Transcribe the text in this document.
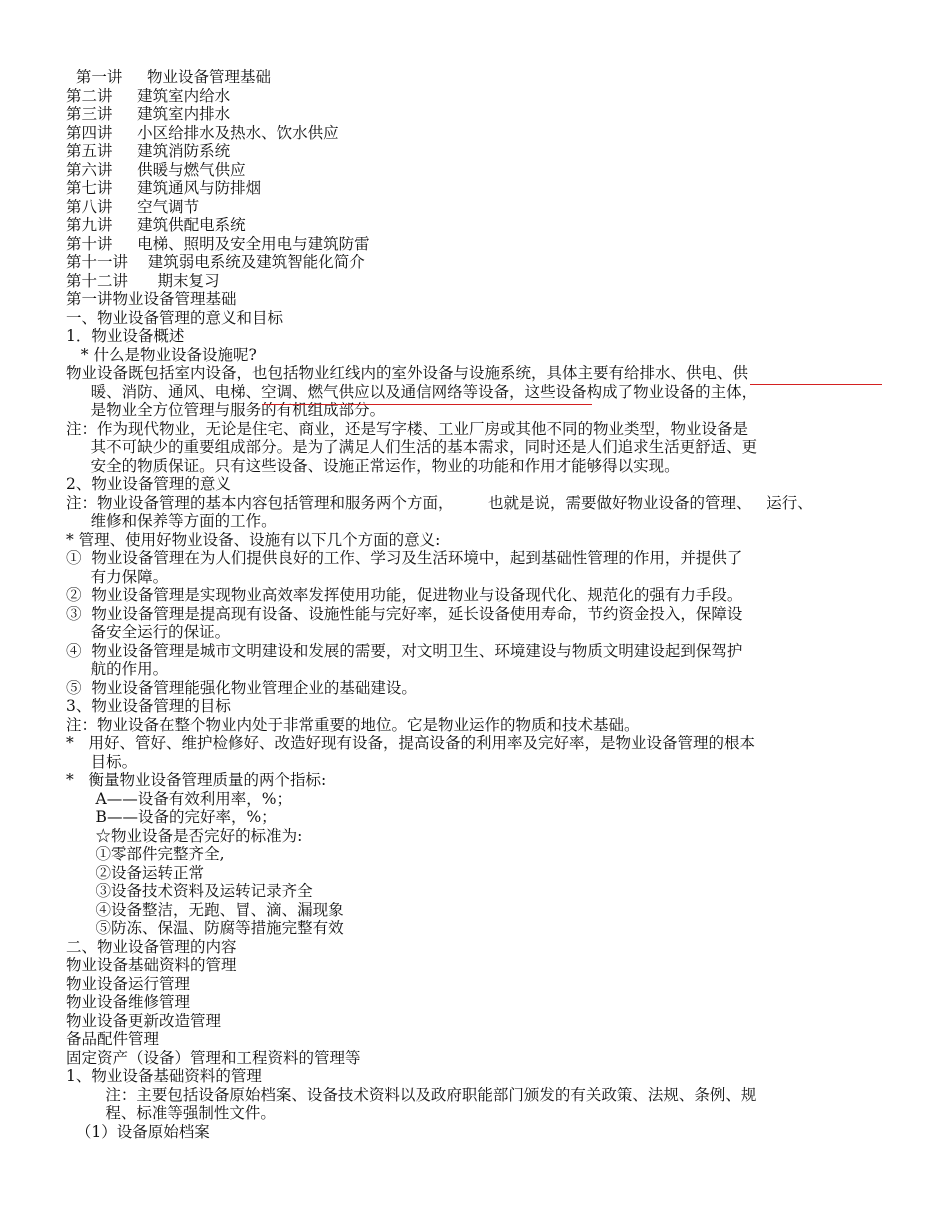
第一讲     物业设备管理基础
第二讲     建筑室内给水
第三讲     建筑室内排水
第四讲     小区给排水及热水、饮水供应
第五讲     建筑消防系统
第六讲     供暖与燃气供应
第七讲     建筑通风与防排烟
第八讲     空气调节
第九讲     建筑供配电系统
第十讲     电梯、照明及安全用电与建筑防雷
第十一讲    建筑弱电系统及建筑智能化简介
第十二讲      期末复习
第一讲物业设备管理基础
一、物业设备管理的意义和目标
1．物业设备概述
* 什么是物业设备设施呢?
物业设备既包括室内设备，也包括物业红线内的室外设备与设施系统，具体主要有给排水、供电、供
暖、消防、通风、电梯、空调、燃气供应以及通信网络等设备，这些设备构成了物业设备的主体，
是物业全方位管理与服务的有机组成部分。
注：作为现代物业，无论是住宅、商业，还是写字楼、工业厂房或其他不同的物业类型，物业设备是
其不可缺少的重要组成部分。是为了满足人们生活的基本需求，同时还是人们追求生活更舒适、更
安全的物质保证。只有这些设备、设施正常运作，物业的功能和作用才能够得以实现。
2、物业设备管理的意义
注：物业设备管理的基本内容包括管理和服务两个方面，       也就是说，需要做好物业设备的管理、   运行、
维修和保养等方面的工作。
* 管理、使用好物业设备、设施有以下几个方面的意义:
①  物业设备管理在为人们提供良好的工作、学习及生活环境中，起到基础性管理的作用，并提供了
有力保障。
②  物业设备管理是实现物业高效率发挥使用功能，促进物业与设备现代化、规范化的强有力手段。
③  物业设备管理是提高现有设备、设施性能与完好率，延长设备使用寿命，节约资金投入，保障设
备安全运行的保证。
④  物业设备管理是城市文明建设和发展的需要，对文明卫生、环境建设与物质文明建设起到保驾护
航的作用。
⑤  物业设备管理能强化物业管理企业的基础建设。
3、物业设备管理的目标
注：物业设备在整个物业内处于非常重要的地位。它是物业运作的物质和技术基础。
*   用好、管好、维护检修好、改造好现有设备，提高设备的利用率及完好率，是物业设备管理的根本
目标。
*   衡量物业设备管理质量的两个指标:
A——设备有效利用率，%；
B——设备的完好率，%；
☆物业设备是否完好的标准为:
①零部件完整齐全,
②设备运转正常
③设备技术资料及运转记录齐全
④设备整洁，无跑、冒、滴、漏现象
⑤防冻、保温、防腐等措施完整有效
二、物业设备管理的内容
物业设备基础资料的管理
物业设备运行管理
物业设备维修管理
物业设备更新改造管理
备品配件管理
固定资产（设备）管理和工程资料的管理等
1、物业设备基础资料的管理
注：主要包括设备原始档案、设备技术资料以及政府职能部门颁发的有关政策、法规、条例、规
程、标准等强制性文件。
（1）设备原始档案
